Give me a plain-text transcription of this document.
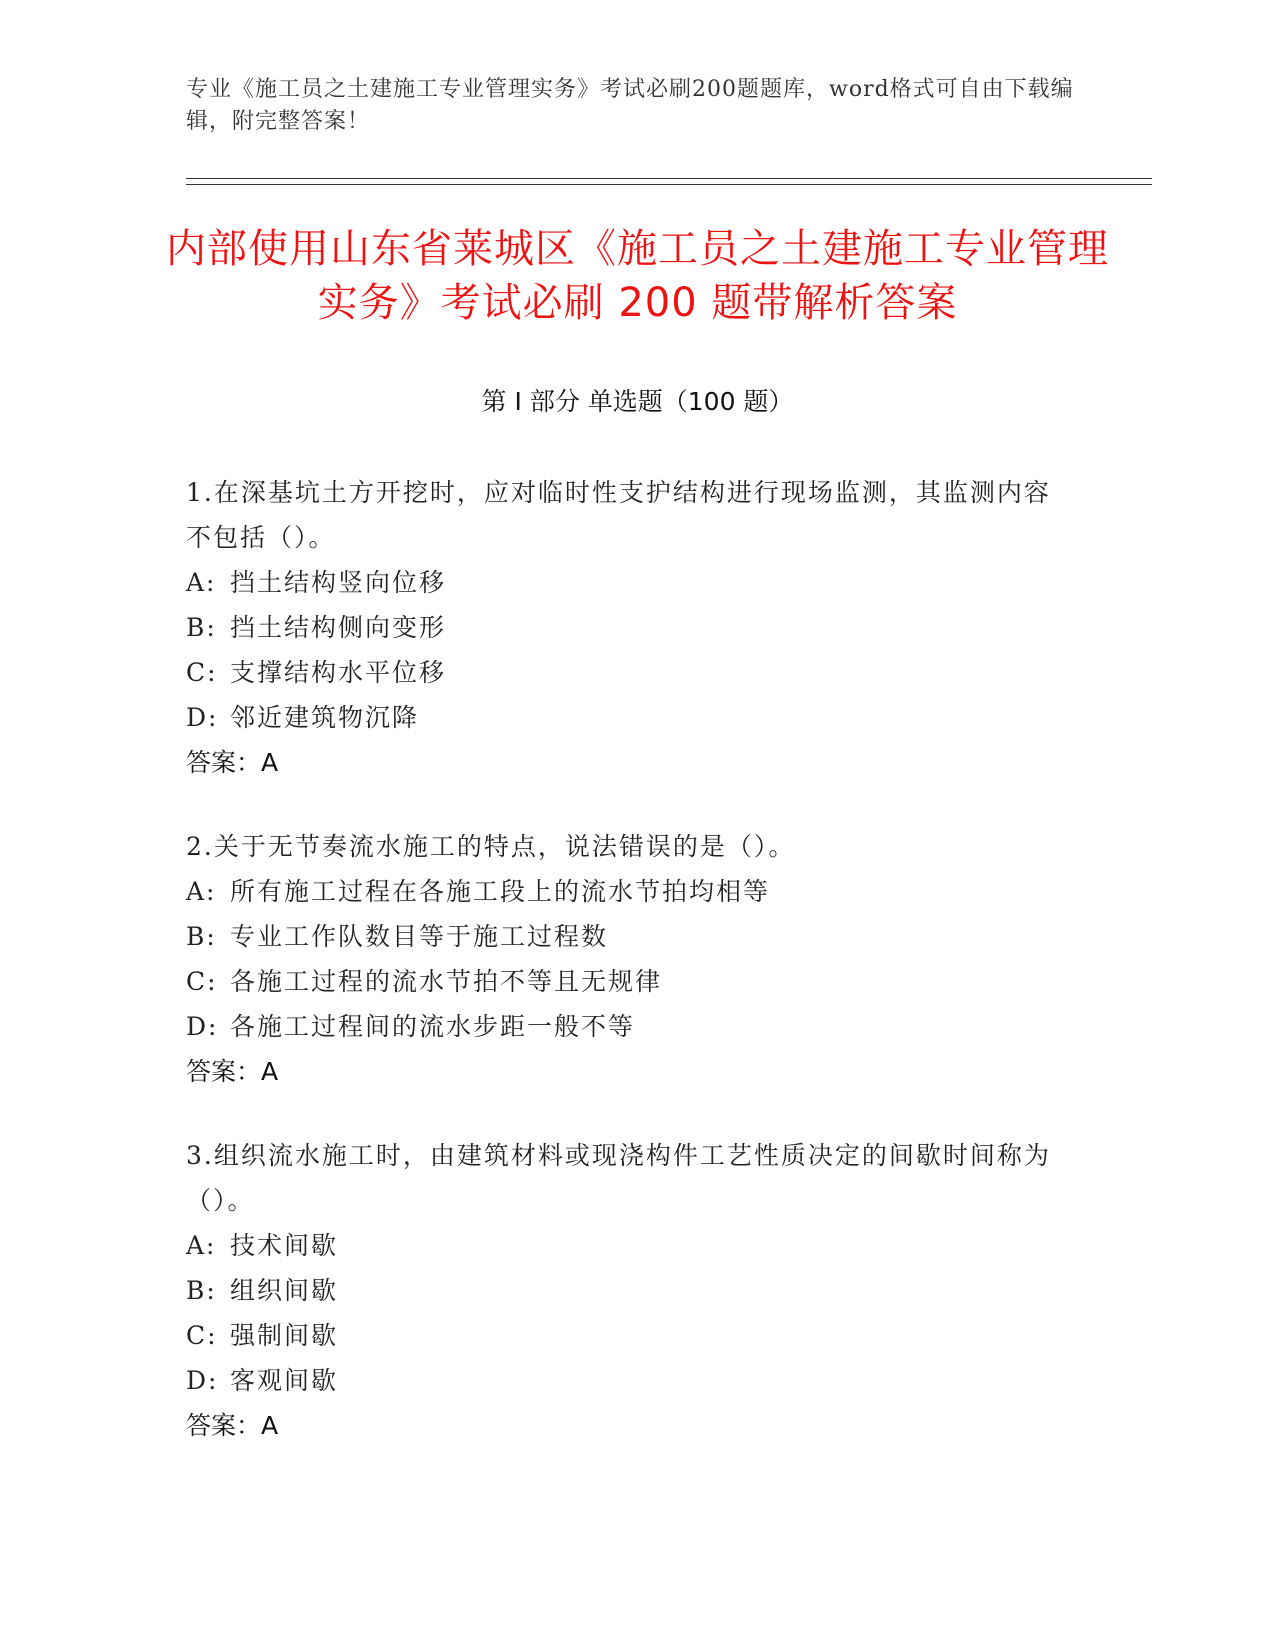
专业《施工员之土建施工专业管理实务》考试必刷200题题库，word格式可自由下载编辑，附完整答案！
内部使用山东省莱城区《施工员之土建施工专业管理实务》考试必刷 200 题带解析答案
第 I 部分 单选题（100 题）

1.在深基坑土方开挖时，应对临时性支护结构进行现场监测，其监测内容不包括（）。

A: 挡土结构竖向位移

B: 挡土结构侧向变形

C: 支撑结构水平位移

D: 邻近建筑物沉降

答案：A

2.关于无节奏流水施工的特点，说法错误的是（）。

A: 所有施工过程在各施工段上的流水节拍均相等

B: 专业工作队数目等于施工过程数

C: 各施工过程的流水节拍不等且无规律

D: 各施工过程间的流水步距一般不等

答案：A

3.组织流水施工时，由建筑材料或现浇构件工艺性质决定的间歇时间称为（）。

A: 技术间歇

B: 组织间歇

C: 强制间歇

D: 客观间歇

答案：A
